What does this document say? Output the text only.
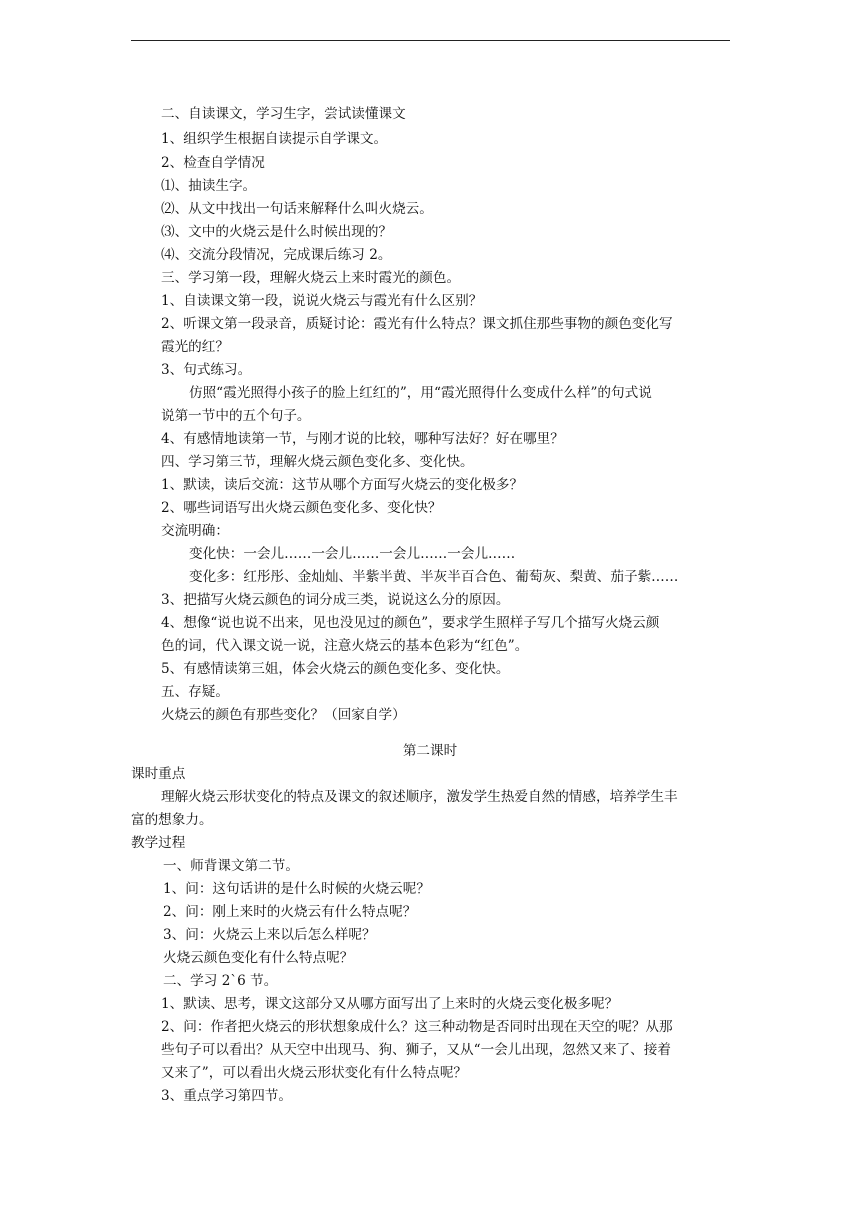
二、自读课文，学习生字，尝试读懂课文
1、组织学生根据自读提示自学课文。
2、检查自学情况
⑴、抽读生字。
⑵、从文中找出一句话来解释什么叫火烧云。
⑶、文中的火烧云是什么时候出现的？
⑷、交流分段情况，完成课后练习 2。
三、学习第一段，理解火烧云上来时霞光的颜色。
1、自读课文第一段，说说火烧云与霞光有什么区别？
2、听课文第一段录音，质疑讨论：霞光有什么特点？课文抓住那些事物的颜色变化写
霞光的红？
3、句式练习。
仿照“霞光照得小孩子的脸上红红的”，用“霞光照得什么变成什么样”的句式说
说第一节中的五个句子。
4、有感情地读第一节，与刚才说的比较，哪种写法好？好在哪里？
四、学习第三节，理解火烧云颜色变化多、变化快。
1、默读，读后交流：这节从哪个方面写火烧云的变化极多？
2、哪些词语写出火烧云颜色变化多、变化快？
交流明确：
变化快：一会儿……一会儿……一会儿……一会儿……
变化多：红彤彤、金灿灿、半紫半黄、半灰半百合色、葡萄灰、梨黄、茄子紫……
3、把描写火烧云颜色的词分成三类，说说这么分的原因。
4、想像“说也说不出来，见也没见过的颜色”，要求学生照样子写几个描写火烧云颜
色的词，代入课文说一说，注意火烧云的基本色彩为“红色”。
5、有感情读第三姐，体会火烧云的颜色变化多、变化快。
五、存疑。
火烧云的颜色有那些变化？（回家自学）
第二课时
课时重点
理解火烧云形状变化的特点及课文的叙述顺序，激发学生热爱自然的情感，培养学生丰
富的想象力。
教学过程
一、师背课文第二节。
1、问：这句话讲的是什么时候的火烧云呢？
2、问：刚上来时的火烧云有什么特点呢？
3、问：火烧云上来以后怎么样呢？
火烧云颜色变化有什么特点呢？
二、学习 2`6 节。
1、默读、思考，课文这部分又从哪方面写出了上来时的火烧云变化极多呢？
2、问：作者把火烧云的形状想象成什么？这三种动物是否同时出现在天空的呢？从那
些句子可以看出？从天空中出现马、狗、狮子，又从“一会儿出现，忽然又来了、接着
又来了”，可以看出火烧云形状变化有什么特点呢？
3、重点学习第四节。
